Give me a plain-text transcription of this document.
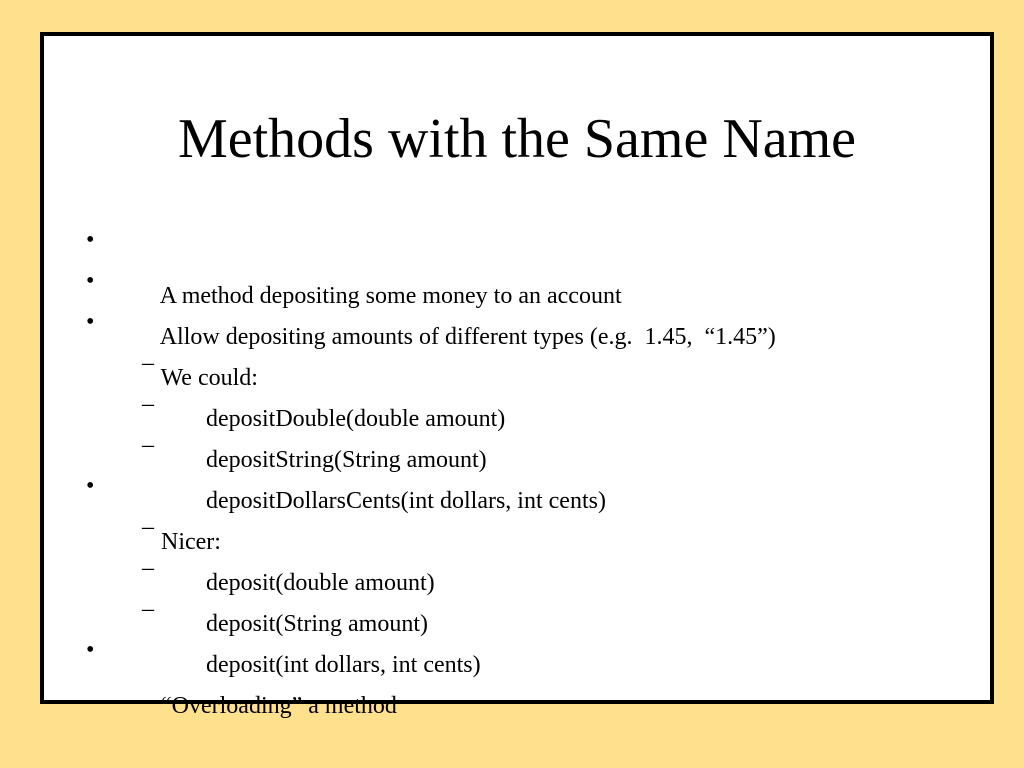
Methods with the Same Name

•

A method depositing some money to an account

•

Allow depositing amounts of different types (e.g.  1.45,  “1.45”)

•

We could:

–

depositDouble(double amount)

–

depositString(String amount)

–

depositDollarsCents(int dollars, int cents)

•

Nicer:

–

deposit(double amount)

–

deposit(String amount)

–

deposit(int dollars, int cents)

•

“Overloading” a method
